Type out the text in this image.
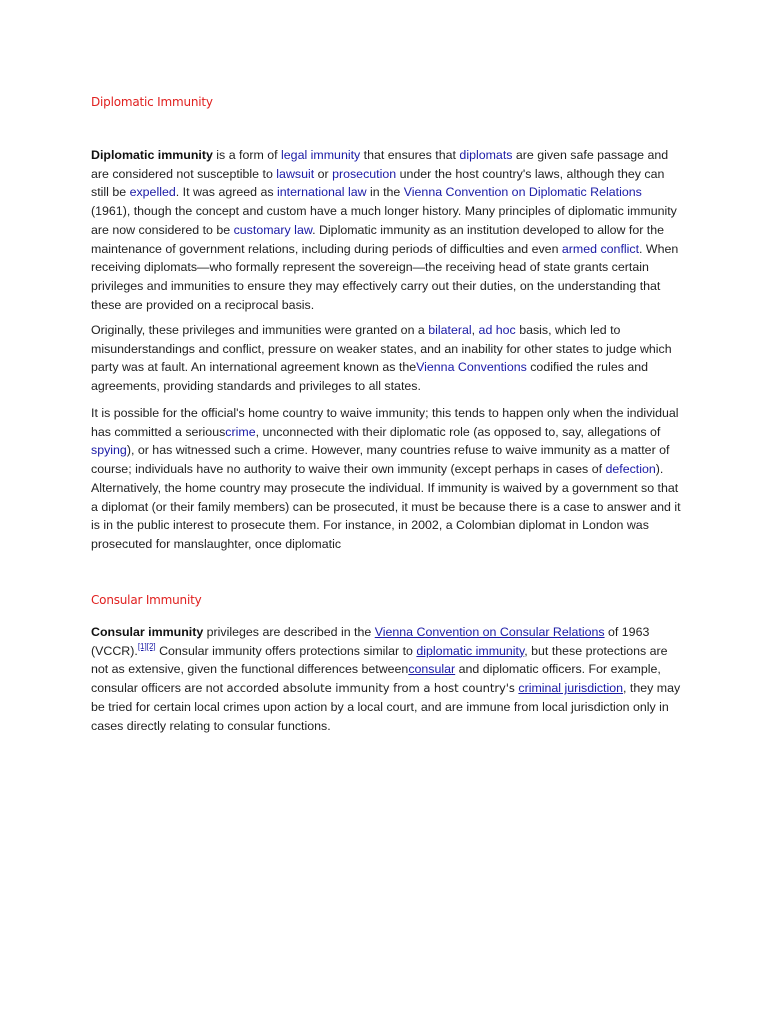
Diplomatic Immunity

Diplomatic immunity is a form of legal immunity that ensures that diplomats are given safe passage and are considered not susceptible to lawsuit or prosecution under the host country's laws, although they can still be expelled. It was agreed as international law in the Vienna Convention on Diplomatic Relations (1961), though the concept and custom have a much longer history. Many principles of diplomatic immunity are now considered to be customary law. Diplomatic immunity as an institution developed to allow for the maintenance of government relations, including during periods of difficulties and even armed conflict. When receiving diplomats—who formally represent the sovereign—the receiving head of state grants certain privileges and immunities to ensure they may effectively carry out their duties, on the understanding that these are provided on a reciprocal basis.

Originally, these privileges and immunities were granted on a bilateral, ad hoc basis, which led to misunderstandings and conflict, pressure on weaker states, and an inability for other states to judge which party was at fault. An international agreement known as theVienna Conventions codified the rules and agreements, providing standards and privileges to all states.

It is possible for the official's home country to waive immunity; this tends to happen only when the individual has committed a seriouscrime, unconnected with their diplomatic role (as opposed to, say, allegations of spying), or has witnessed such a crime. However, many countries refuse to waive immunity as a matter of course; individuals have no authority to waive their own immunity (except perhaps in cases of defection). Alternatively, the home country may prosecute the individual. If immunity is waived by a government so that a diplomat (or their family members) can be prosecuted, it must be because there is a case to answer and it is in the public interest to prosecute them. For instance, in 2002, a Colombian diplomat in London was prosecuted for manslaughter, once diplomatic

Consular Immunity

Consular immunity privileges are described in the Vienna Convention on Consular Relations of 1963 (VCCR).[1][2] Consular immunity offers protections similar to diplomatic immunity, but these protections are not as extensive, given the functional differences betweenconsular and diplomatic officers. For example, consular officers are not accorded absolute immunity from a host country's criminal jurisdiction, they may be tried for certain local crimes upon action by a local court, and are immune from local jurisdiction only in cases directly relating to consular functions.
